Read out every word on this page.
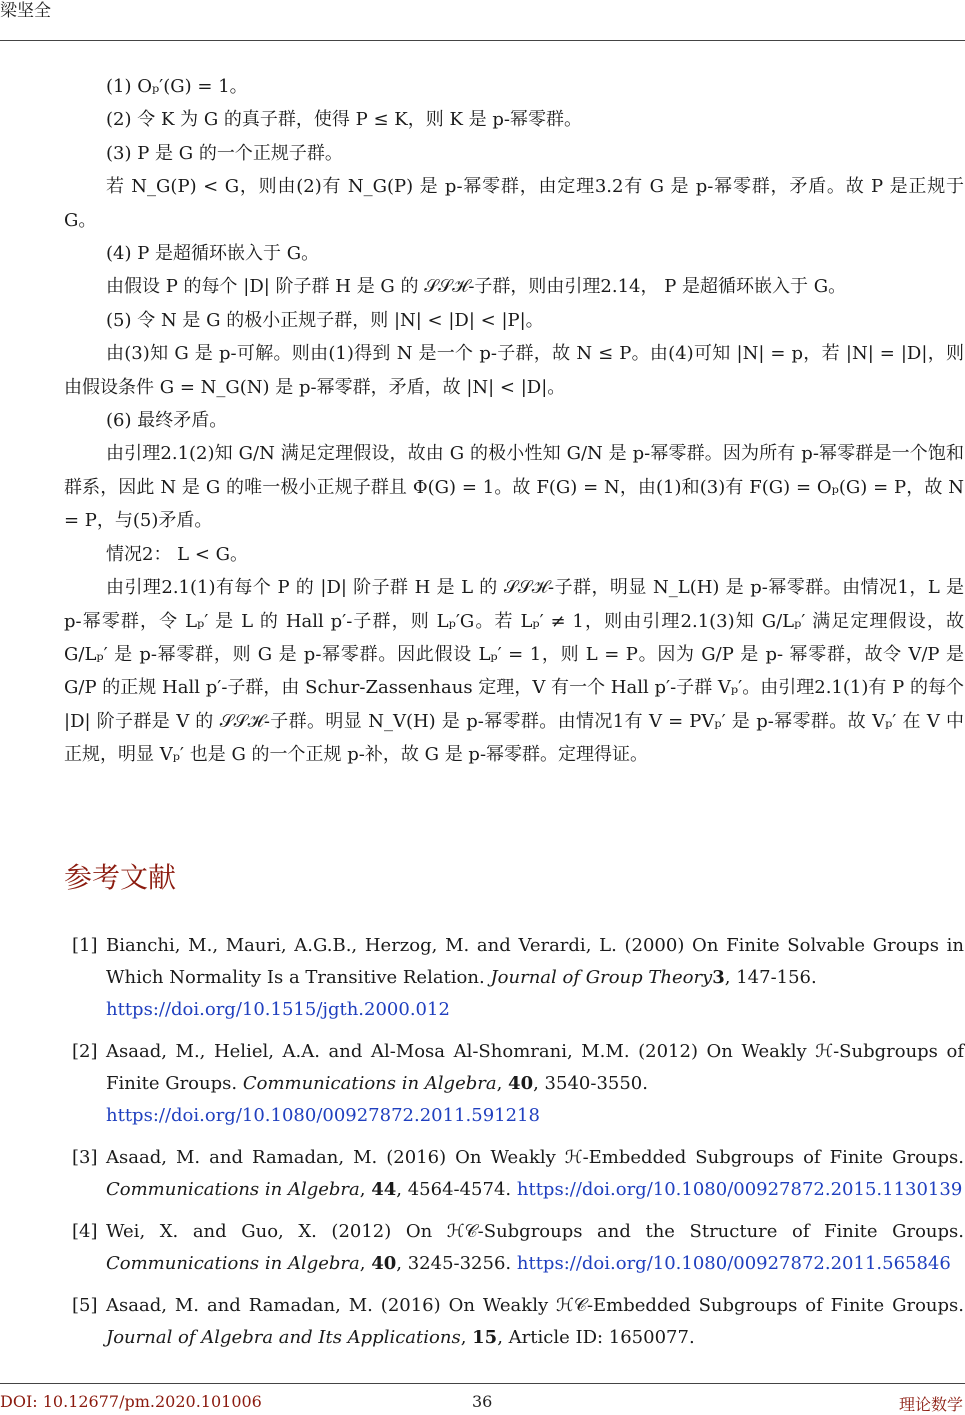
梁坚全

(1) Oₚ′(G) = 1。

(2) 令 K 为 G 的真子群，使得 P ≤ K，则 K 是 p-幂零群。

(3) P 是 G 的一个正规子群。

若 N_G(P) < G，则由(2)有 N_G(P) 是 p-幂零群，由定理3.2有 G 是 p-幂零群，矛盾。故 P 是正规于 G。

(4) P 是超循环嵌入于 G。

由假设 P 的每个 |D| 阶子群 H 是 G 的 𝒮𝒮ℋ-子群，则由引理2.14， P 是超循环嵌入于 G。

(5) 令 N 是 G 的极小正规子群，则 |N| < |D| < |P|。

由(3)知 G 是 p-可解。则由(1)得到 N 是一个 p-子群，故 N ≤ P。由(4)可知 |N| = p，若 |N| = |D|，则由假设条件 G = N_G(N) 是 p-幂零群，矛盾，故 |N| < |D|。

(6) 最终矛盾。

由引理2.1(2)知 G/N 满足定理假设，故由 G 的极小性知 G/N 是 p-幂零群。因为所有 p-幂零群是一个饱和群系，因此 N 是 G 的唯一极小正规子群且 Φ(G) = 1。故 F(G) = N，由(1)和(3)有 F(G) = Oₚ(G) = P，故 N = P，与(5)矛盾。

情况2： L < G。

由引理2.1(1)有每个 P 的 |D| 阶子群 H 是 L 的 𝒮𝒮ℋ-子群，明显 N_L(H) 是 p-幂零群。由情况1，L 是 p-幂零群，令 Lₚ′ 是 L 的 Hall p′-子群，则 Lₚ′G。若 Lₚ′ ≠ 1，则由引理2.1(3)知 G/Lₚ′ 满足定理假设，故 G/Lₚ′ 是 p-幂零群，则 G 是 p-幂零群。因此假设 Lₚ′ = 1，则 L = P。因为 G/P 是 p- 幂零群，故令 V/P 是 G/P 的正规 Hall p′-子群，由 Schur-Zassenhaus 定理，V 有一个 Hall p′-子群 Vₚ′。由引理2.1(1)有 P 的每个 |D| 阶子群是 V 的 𝒮𝒮ℋ-子群。明显 N_V(H) 是 p-幂零群。由情况1有 V = PVₚ′ 是 p-幂零群。故 Vₚ′ 在 V 中正规，明显 Vₚ′ 也是 G 的一个正规 p-补，故 G 是 p-幂零群。定理得证。

参考文献
[1] Bianchi, M., Mauri, A.G.B., Herzog, M. and Verardi, L. (2000) On Finite Solvable Groups in Which Normality Is a Transitive Relation. Journal of Group Theory3, 147-156.
https://doi.org/10.1515/jgth.2000.012
[2] Asaad, M., Heliel, A.A. and Al-Mosa Al-Shomrani, M.M. (2012) On Weakly ℋ-Subgroups of Finite Groups. Communications in Algebra, 40, 3540-3550.
https://doi.org/10.1080/00927872.2011.591218
[3] Asaad, M. and Ramadan, M. (2016) On Weakly ℋ-Embedded Subgroups of Finite Groups. Communications in Algebra, 44, 4564-4574. https://doi.org/10.1080/00927872.2015.1130139
[4] Wei, X. and Guo, X. (2012) On ℋ𝒞-Subgroups and the Structure of Finite Groups. Communications in Algebra, 40, 3245-3256. https://doi.org/10.1080/00927872.2011.565846
[5] Asaad, M. and Ramadan, M. (2016) On Weakly ℋ𝒞-Embedded Subgroups of Finite Groups. Journal of Algebra and Its Applications, 15, Article ID: 1650077.
DOI: 10.12677/pm.2020.101006	36	理论数学
